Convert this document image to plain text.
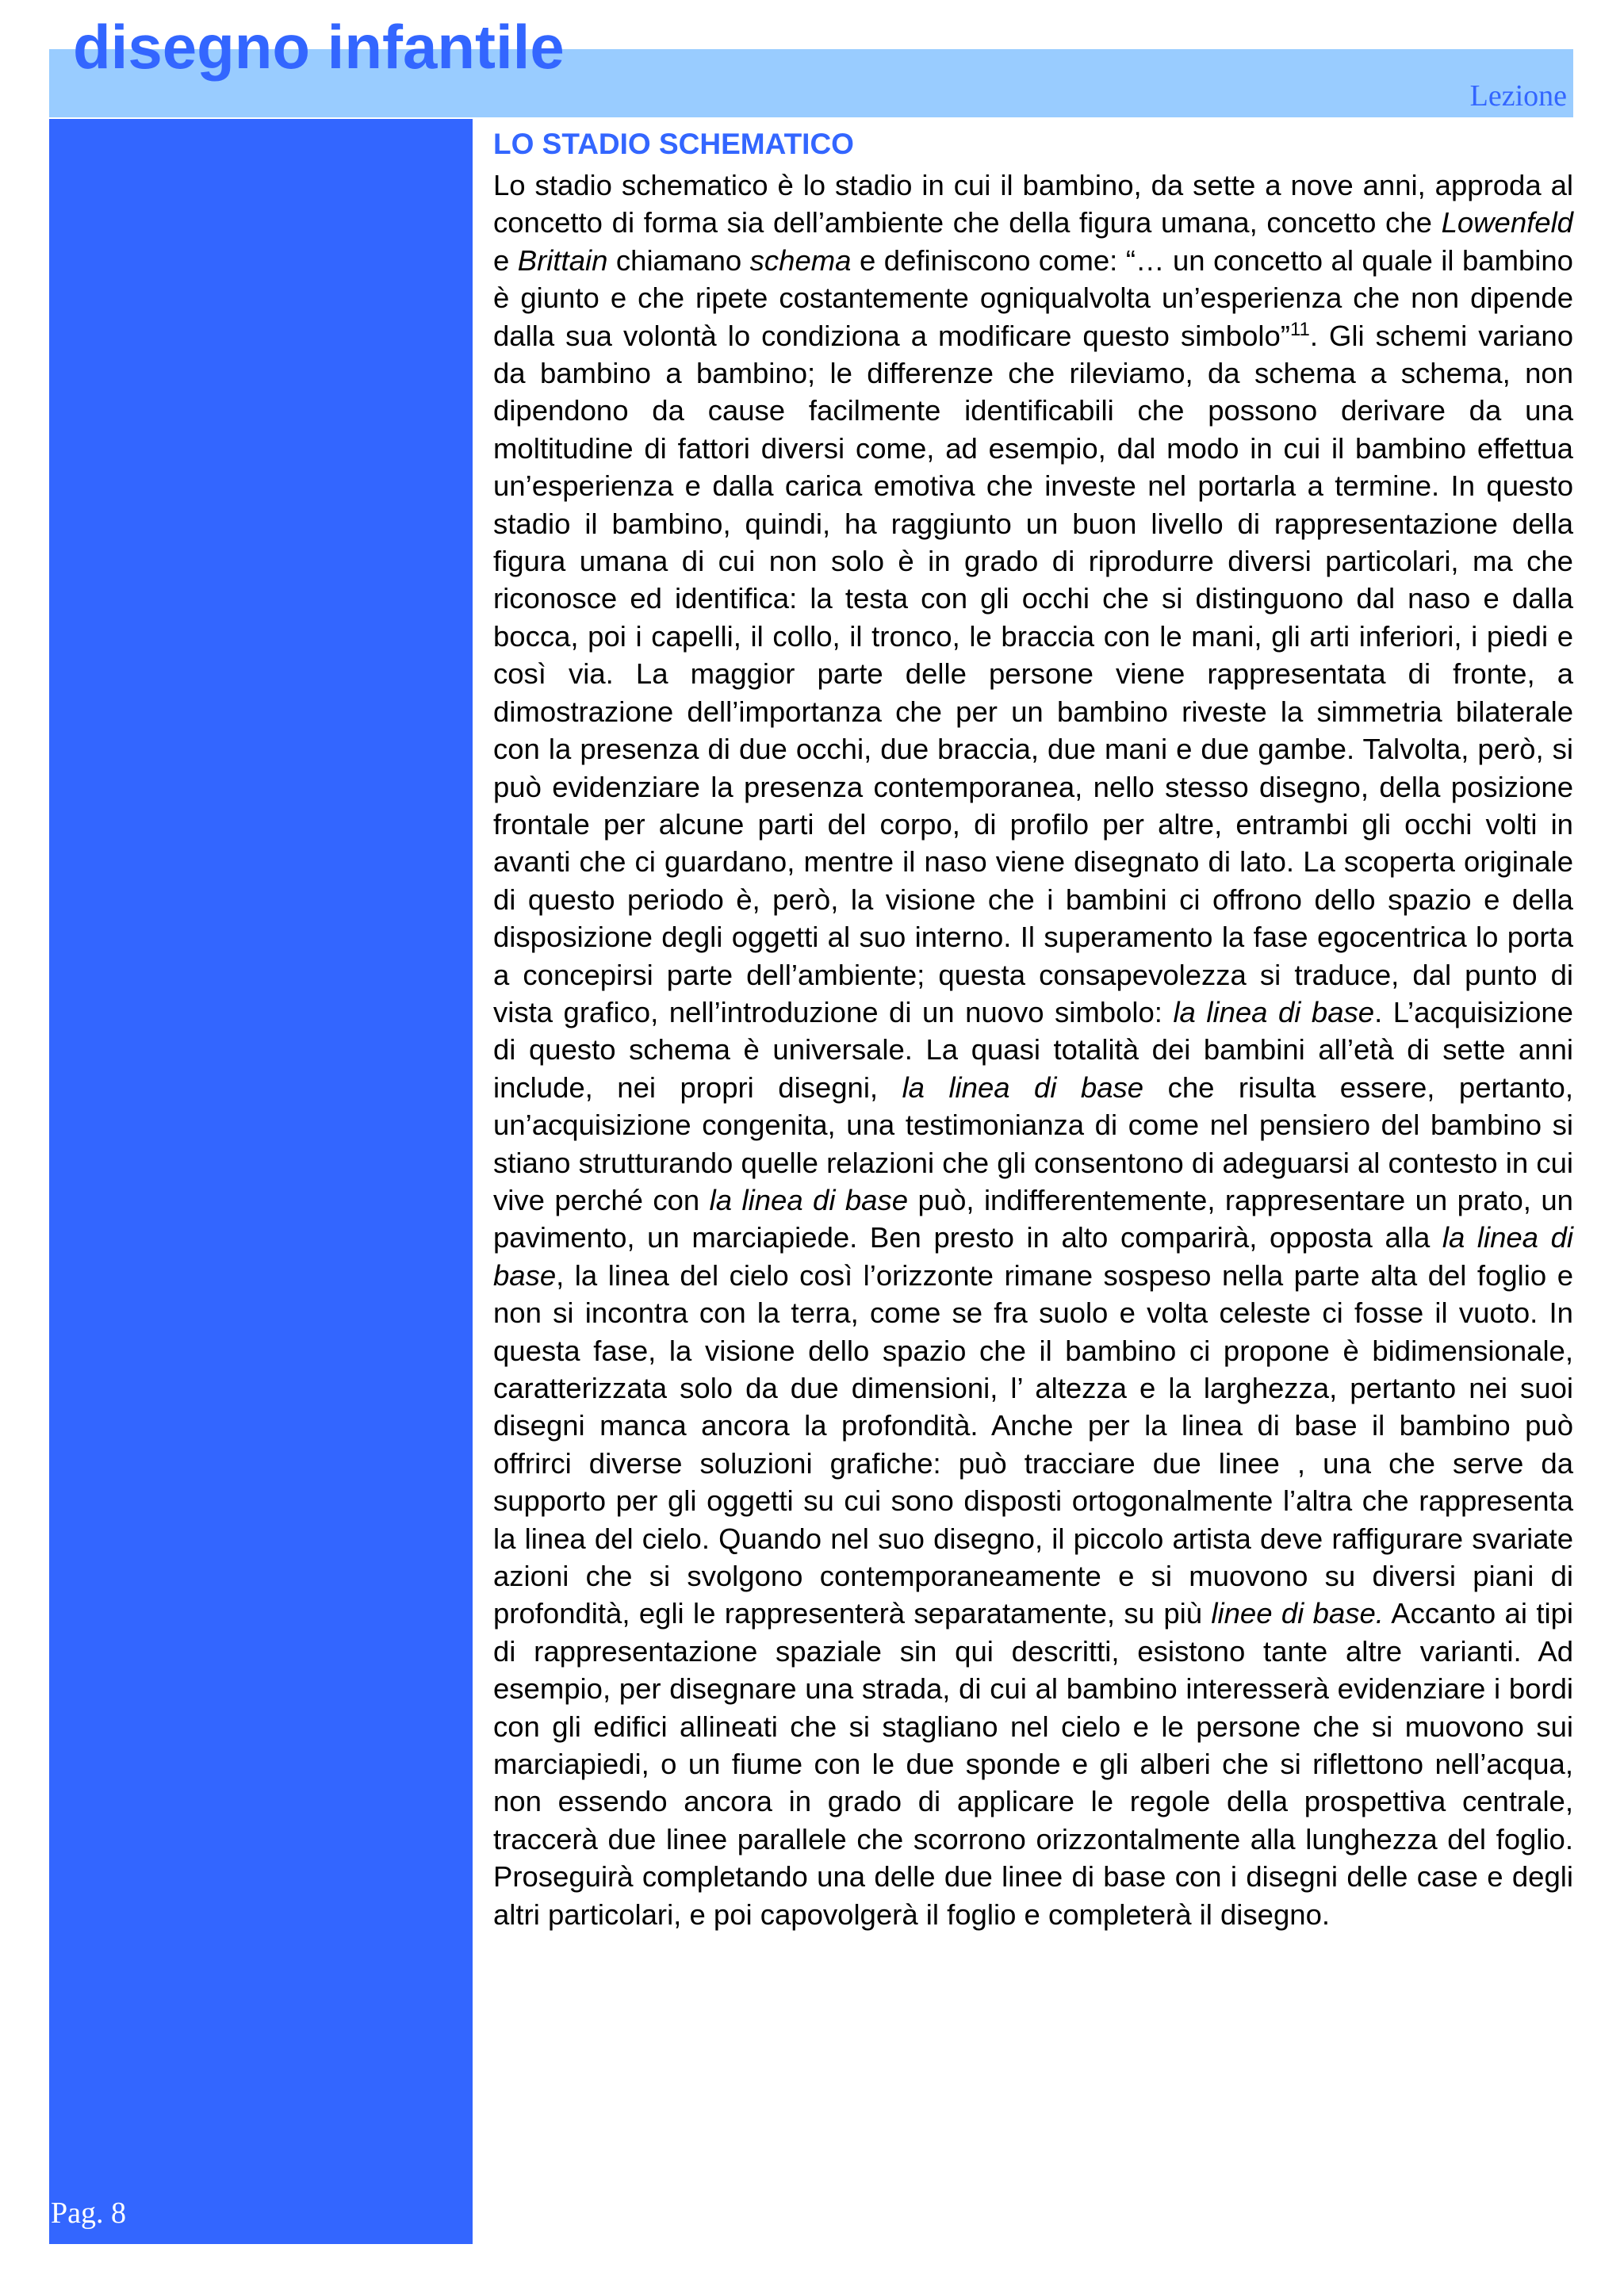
disegno infantile
Lezione
Pag. 8
LO STADIO SCHEMATICO

Lo stadio schematico è lo stadio in cui il bambino, da sette a nove anni, approda al concetto di forma sia dell’ambiente che della figura umana, concetto che Lowenfeld e Brittain chiamano schema e definiscono come: “… un concetto al quale il bambino è giunto e che ripete costantemente ogniqualvolta un’esperienza che non dipende dalla sua volontà lo condiziona a modificare questo simbolo”$^{11}$. Gli schemi variano da bambino a bambino; le differenze che rileviamo, da schema a schema, non dipendono da cause facilmente identificabili che possono derivare da una moltitudine di fattori diversi come, ad esempio, dal modo in cui il bambino effettua un’esperienza e dalla carica emotiva che investe nel portarla a termine. In questo stadio il bambino, quindi, ha raggiunto un buon livello di rappresentazione della figura umana di cui non solo è in grado di riprodurre diversi particolari, ma che riconosce ed identifica: la testa con gli occhi che si distinguono dal naso e dalla bocca, poi i capelli, il collo, il tronco, le braccia con le mani, gli arti inferiori, i piedi e così via. La maggior parte delle persone viene rappresentata di fronte, a dimostrazione dell’importanza che per un bambino riveste la simmetria bilaterale con la presenza di due occhi, due braccia, due mani e due gambe. Talvolta, però, si può evidenziare la presenza contemporanea, nello stesso disegno, della posizione frontale per alcune parti del corpo, di profilo per altre, entrambi gli occhi volti in avanti che ci guardano, mentre il naso viene disegnato di lato. La scoperta originale di questo periodo è, però, la visione che i bambini ci offrono dello spazio e della disposizione degli oggetti al suo interno. Il superamento la fase egocentrica lo porta a concepirsi parte dell’ambiente; questa consapevolezza si traduce, dal punto di vista grafico, nell’introduzione di un nuovo simbolo: la linea di base. L’acquisizione di questo schema è universale. La quasi totalità dei bambini all’età di sette anni include, nei propri disegni, la linea di base che risulta essere, pertanto, un’acquisizione congenita, una testimonianza di come nel pensiero del bambino si stiano strutturando quelle relazioni che gli consentono di adeguarsi al contesto in cui vive perché con la linea di base può, indifferentemente, rappresentare un prato, un pavimento, un marciapiede. Ben presto in alto comparirà, opposta alla la linea di base, la linea del cielo così l’orizzonte rimane sospeso nella parte alta del foglio e non si incontra con la terra, come se fra suolo e volta celeste ci fosse il vuoto. In questa fase, la visione dello spazio che il bambino ci propone è bidimensionale, caratterizzata solo da due dimensioni, l’ altezza e la larghezza, pertanto nei suoi disegni manca ancora la profondità. Anche per la linea di base il bambino può offrirci diverse soluzioni grafiche: può tracciare due linee , una che serve da supporto per gli oggetti su cui sono disposti ortogonalmente l’altra che rappresenta la linea del cielo. Quando nel suo disegno, il piccolo artista deve raffigurare svariate azioni che si svolgono contemporaneamente e si muovono su diversi piani di profondità, egli le rappresenterà separatamente, su più linee di base. Accanto ai tipi di rappresentazione spaziale sin qui descritti, esistono tante altre varianti. Ad esempio, per disegnare una strada, di cui al bambino interesserà evidenziare i bordi con gli edifici allineati che si stagliano nel cielo e le persone che si muovono sui marciapiedi, o un fiume con le due sponde e gli alberi che si riflettono nell’acqua, non essendo ancora in grado di applicare le regole della prospettiva centrale, traccerà due linee parallele che scorrono orizzontalmente alla lunghezza del foglio. Proseguirà completando una delle due linee di base con i disegni delle case e degli altri particolari, e poi capovolgerà il foglio e completerà il disegno.
